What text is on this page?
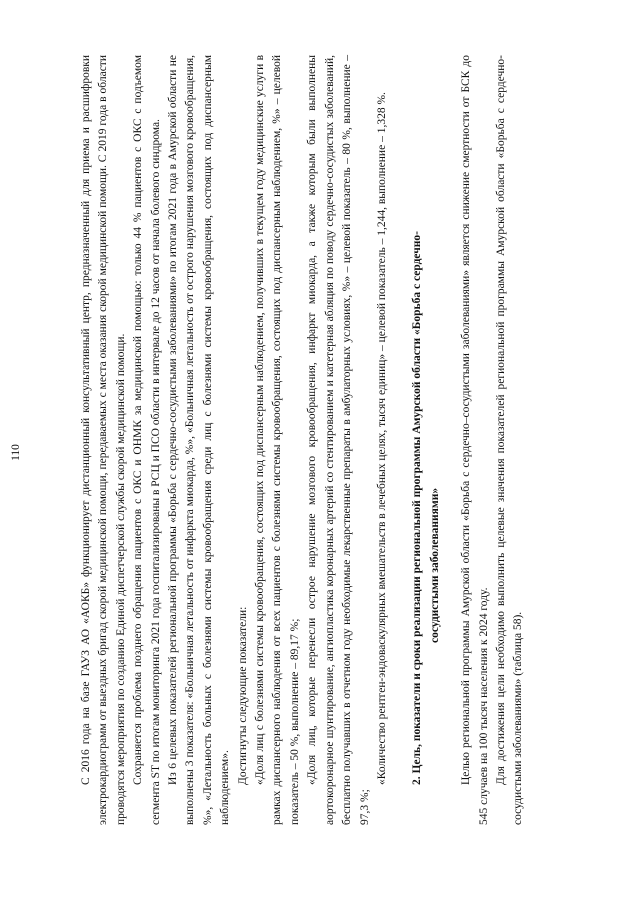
110	С 2016 года на базе ГАУЗ АО «АОКБ» функционирует дистанционный консультативный центр, предназначенный для приема и расшифровки электрокардиограмм от выездных бригад скорой медицинской помощи, передаваемых с места оказания скорой медицинской помощи. С 2019 года в области проводятся мероприятия по созданию Единой диспетчерской службы скорой медицинской помощи. Сохраняется проблема позднего обращения пациентов с ОКС и ОНМК за медицинской помощью: только 44 % пациентов с ОКС с подъемом сегмента ST по итогам мониторинга 2021 года госпитализированы в РСЦ и ПСО области в интервале до 12 часов от начала болевого синдрома. Из 6 целевых показателей региональной программы «Борьба с сердечно-сосудистыми заболеваниями» по итогам 2021 года в Амурской области не выполнены 3 показателя: «Больничная летальность от инфаркта миокарда, %», «Больничная летальность от острого нарушения мозгового кровообращения, %», «Летальность больных с болезнями системы кровообращения среди лиц с болезнями системы кровообращения, состоящих под диспансерным наблюдением».

Достигнуты следующие показатели: «Доля лиц с болезнями системы кровообращения, состоящих под диспансерным наблюдением, получивших в текущем году медицинские услуги в рамках диспансерного наблюдения от всех пациентов с болезнями системы кровообращения, состоящих под диспансерным наблюдением, %» – целевой показатель – 50 %, выполнение – 89,17 %; «Доля лиц, которые перенесли острое нарушение мозгового кровообращения, инфаркт миокарда, а также которым были выполнены аортокоронарное шунтирование, ангиопластика коронарных артерий со стентированием и катетерная абляция по поводу сердечно-сосудистых заболеваний, бесплатно получавших в отчетном году необходимые лекарственные препараты в амбулаторных условиях, %» – целевой показатель – 80 %, выполнение – 97,3 %;

«Количество рентген-эндоваскулярных вмешательств в лечебных целях, тысяч единиц» – целевой показатель – 1,244, выполнение – 1,328 %. 2. Цель, показатели и сроки реализации региональной программы Амурской области «Борьба с сердечно- сосудистыми заболеваниями» Целью региональной программы Амурской области «Борьба с сердечно–сосудистыми заболеваниями» является снижение смертности от БСК до 545 случаев на 100 тысяч населения к 2024 году. Для достижения цели необходимо выполнить целевые значения показателей региональной программы Амурской области «Борьба с сердечно-сосудистыми заболеваниями» (таблица 58).
